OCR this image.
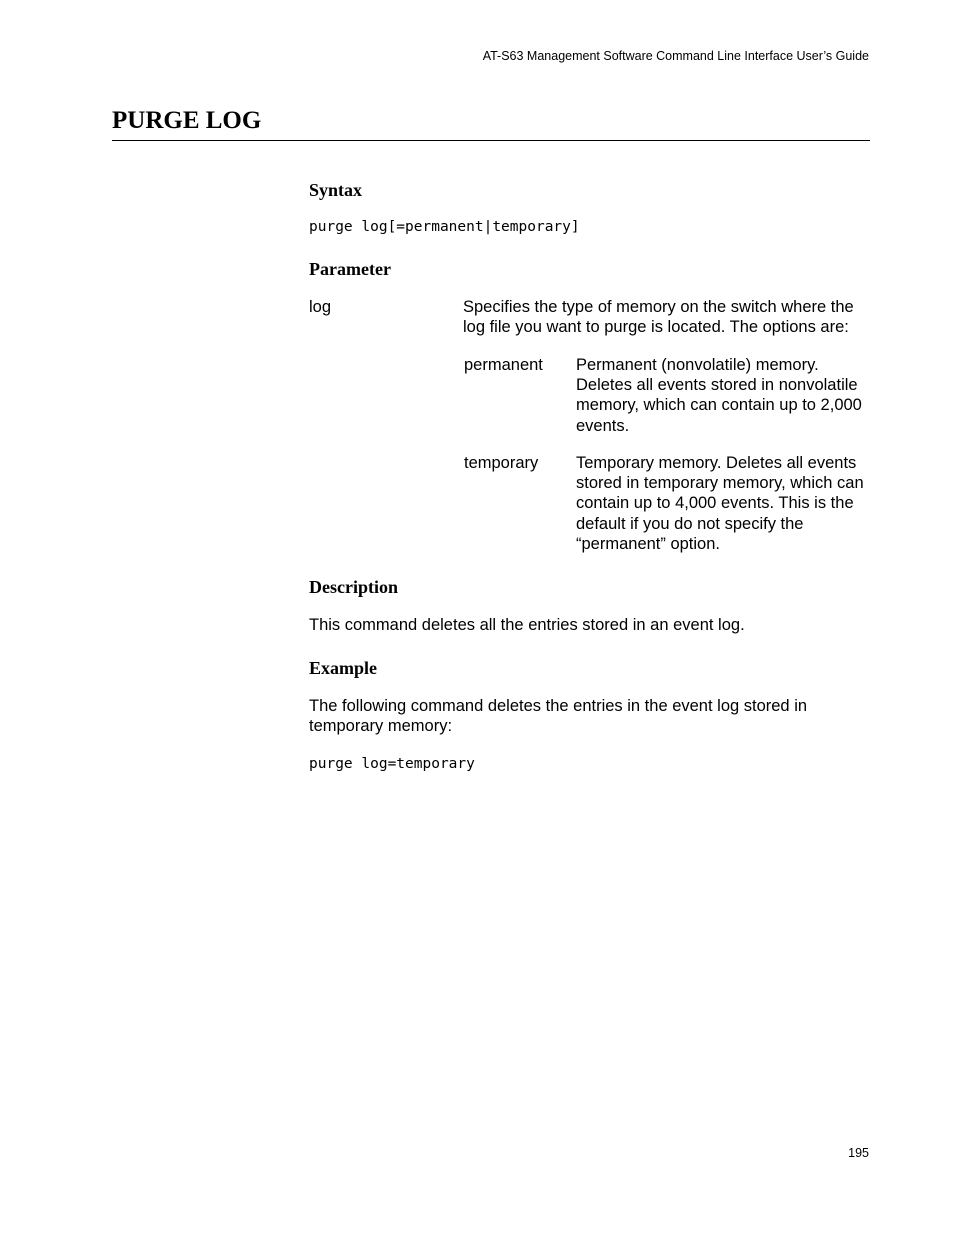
AT-S63 Management Software Command Line Interface User’s Guide
PURGE LOG
Syntax
purge log[=permanent|temporary]
Parameter
log	Specifies the type of memory on the switch where the log file you want to purge is located. The options are:
permanent Permanent (nonvolatile) memory. Deletes all events stored in nonvolatile memory, which can contain up to 2,000 events.
temporary Temporary memory. Deletes all events stored in temporary memory, which can contain up to 4,000 events. This is the default if you do not specify the “permanent” option.
Description
This command deletes all the entries stored in an event log.
Example
The following command deletes the entries in the event log stored in temporary memory:
purge log=temporary
195
